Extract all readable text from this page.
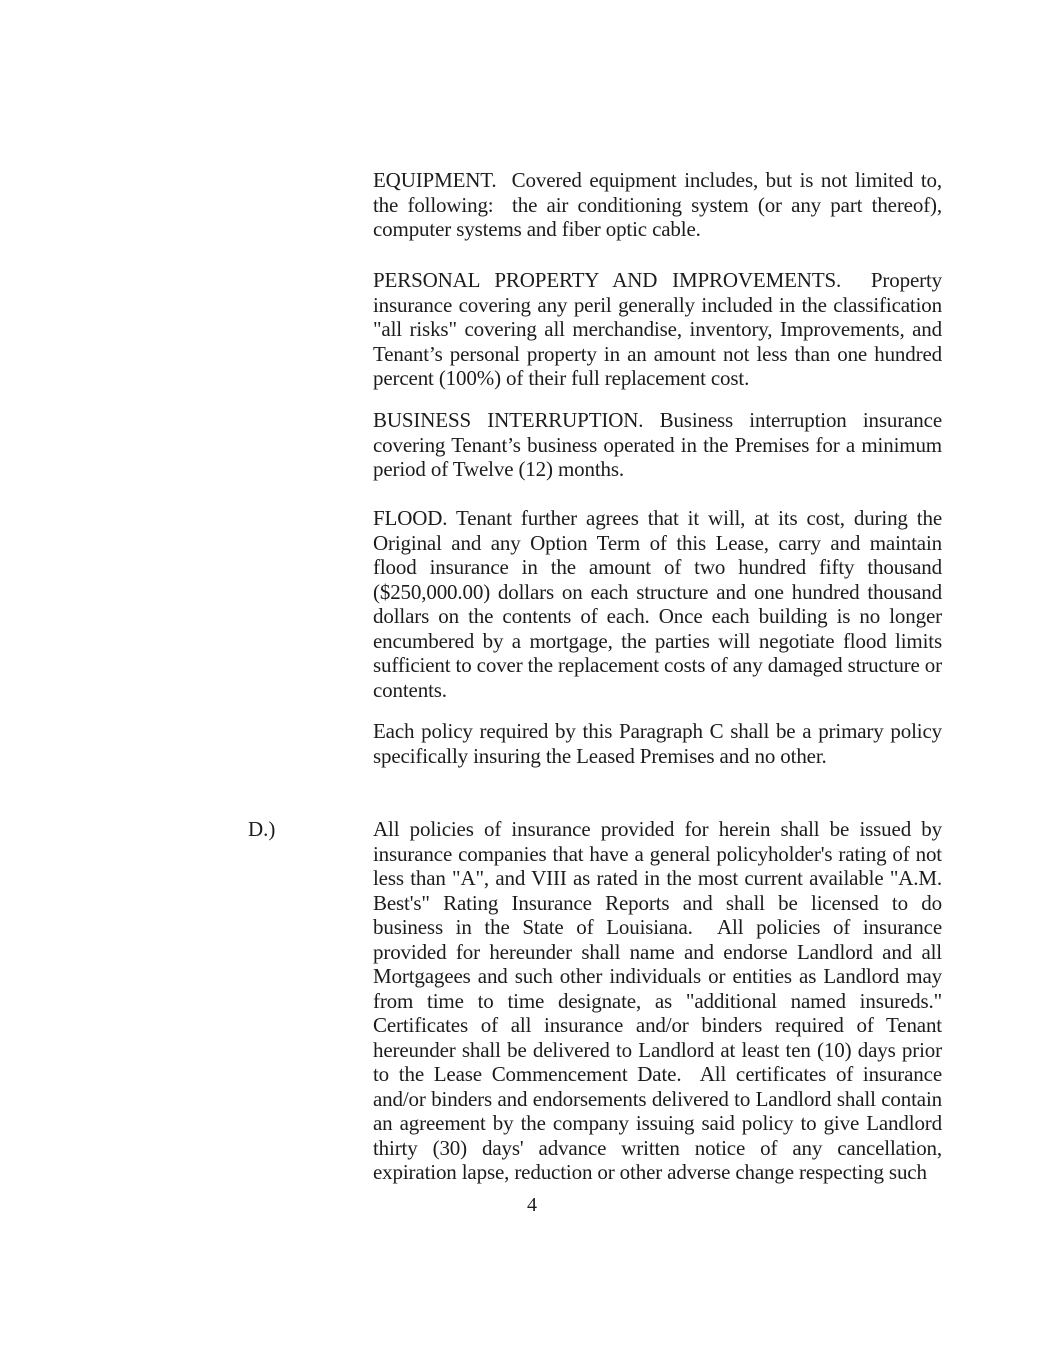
EQUIPMENT.  Covered equipment includes, but is not limited to, the following:  the air conditioning system (or any part thereof), computer systems and fiber optic cable.

PERSONAL PROPERTY AND IMPROVEMENTS.  Property insurance covering any peril generally included in the classification "all risks" covering all merchandise, inventory, Improvements, and Tenant’s personal property in an amount not less than one hundred percent (100%) of their full replacement cost.

BUSINESS INTERRUPTION. Business interruption insurance covering Tenant’s business operated in the Premises for a minimum period of Twelve (12) months.

FLOOD. Tenant further agrees that it will, at its cost, during the Original and any Option Term of this Lease, carry and maintain flood insurance in the amount of two hundred fifty thousand ($250,000.00) dollars on each structure and one hundred thousand dollars on the contents of each. Once each building is no longer encumbered by a mortgage, the parties will negotiate flood limits sufficient to cover the replacement costs of any damaged structure or contents.

Each policy required by this Paragraph C shall be a primary policy specifically insuring the Leased Premises and no other.

D.)	All policies of insurance provided for herein shall be issued by insurance companies that have a general policyholder's rating of not less than "A", and VIII as rated in the most current available "A.M. Best's" Rating Insurance Reports and shall be licensed to do business in the State of Louisiana.  All policies of insurance provided for hereunder shall name and endorse Landlord and all Mortgagees and such other individuals or entities as Landlord may from time to time designate, as "additional named insureds."  Certificates of all insurance and/or binders required of Tenant hereunder shall be delivered to Landlord at least ten (10) days prior to the Lease Commencement Date.  All certificates of insurance and/or binders and endorsements delivered to Landlord shall contain an agreement by the company issuing said policy to give Landlord thirty (30) days' advance written notice of any cancellation, expiration lapse, reduction or other adverse change respecting such

4
